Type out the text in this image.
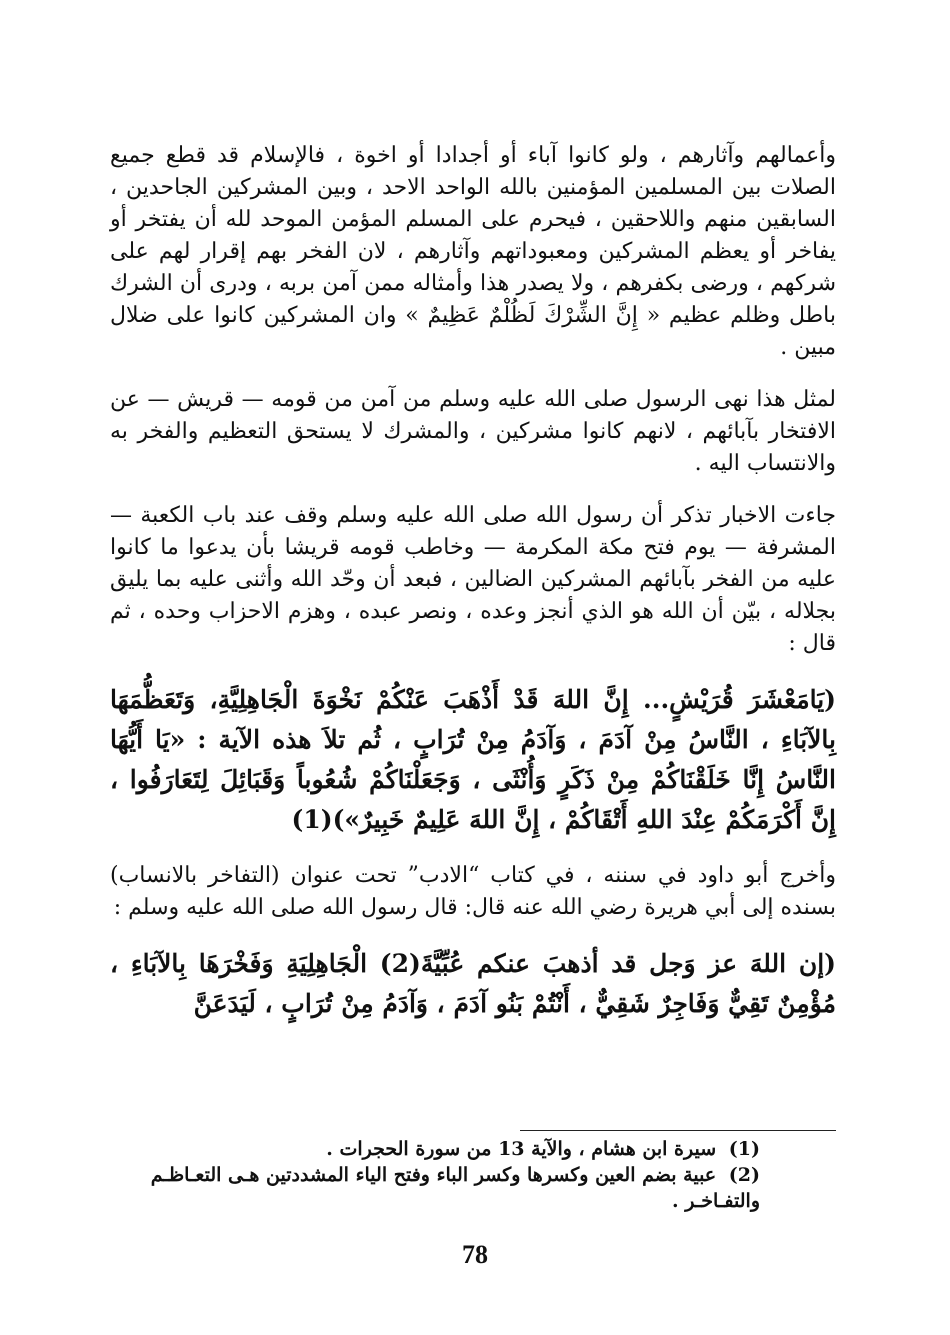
وأعمالهم وآثارهم ، ولو كانوا آباء أو أجدادا أو اخوة ، فالإسلام قد قطع جميع الصلات بين المسلمين المؤمنين بالله الواحد الاحد ، وبين المشركين الجاحدين ، السابقين منهم واللاحقين ، فيحرم على المسلم المؤمن الموحد لله أن يفتخر أو يفاخر أو يعظم المشركين ومعبوداتهم وآثارهم ، لان الفخر بهم إقرار لهم على شركهم ، ورضى بكفرهم ، ولا يصدر هذا وأمثاله ممن آمن بربه ، ودرى أن الشرك باطل وظلم عظيم « إِنَّ الشِّرْكَ لَظُلْمٌ عَظِيمٌ » وان المشركين كانوا على ضلال مبين .

لمثل هذا نهى الرسول صلى الله عليه وسلم من آمن من قومه — قريش — عن الافتخار بآبائهم ، لانهم كانوا مشركين ، والمشرك لا يستحق التعظيم والفخر به والانتساب اليه .

جاءت الاخبار تذكر أن رسول الله صلى الله عليه وسلم وقف عند باب الكعبة — المشرفة — يوم فتح مكة المكرمة — وخاطب قومه قريشا بأن يدعوا ما كانوا عليه من الفخر بآبائهم المشركين الضالين ، فبعد أن وحّد الله وأثنى عليه بما يليق بجلاله ، بيّن أن الله هو الذي أنجز وعده ، ونصر عبده ، وهزم الاحزاب وحده ، ثم قال :

(يَامَعْشَرَ قُرَيْشٍ... إِنَّ اللهَ قَدْ أَذْهَبَ عَنْكُمْ نَخْوَةَ الْجَاهِلِيَّةِ، وَتَعَظُّمَهَا بِالآبَاءِ ، النَّاسُ مِنْ آدَمَ ، وَآدَمُ مِنْ تُرَابٍ ، ثُم تلاَ هذه الآية : «يَا أَيُّهَا النَّاسُ إِنَّا خَلَقْنَاكُمْ مِنْ ذَكَرٍ وَأُنْثَى ، وَجَعَلْنَاكُمْ شُعُوباً وَقَبَائِلَ لِتَعَارَفُوا ، إِنَّ أَكْرَمَكُمْ عِنْدَ اللهِ أَتْقَاكُمْ ، إِنَّ اللهَ عَلِيمٌ خَبِيرٌ»)(1)

وأخرج أبو داود في سننه ، في كتاب “الادب” تحت عنوان (التفاخر بالانساب) بسنده إلى أبي هريرة رضي الله عنه قال: قال رسول الله صلى الله عليه وسلم :

(إن اللهَ عز وَجل قد أذهبَ عنكم عُبِّيَّةَ(2) الْجَاهِلِيَةِ وَفَخْرَهَا بِالآبَاءِ ، مُؤْمِنٌ تَقِيٌّ وَفَاجِرٌ شَقِيٌّ ، أَنْتُمْ بَنُو آدَمَ ، وَآدَمُ مِنْ تُرَابٍ ، لَيَدَعَنَّ

(1) سيرة ابن هشام ، والآية 13 من سورة الحجرات .

(2) عبية بضم العين وكسرها وكسر الباء وفتح الياء المشددتين هـى التعـاظـم والتفـاخـر .

78
